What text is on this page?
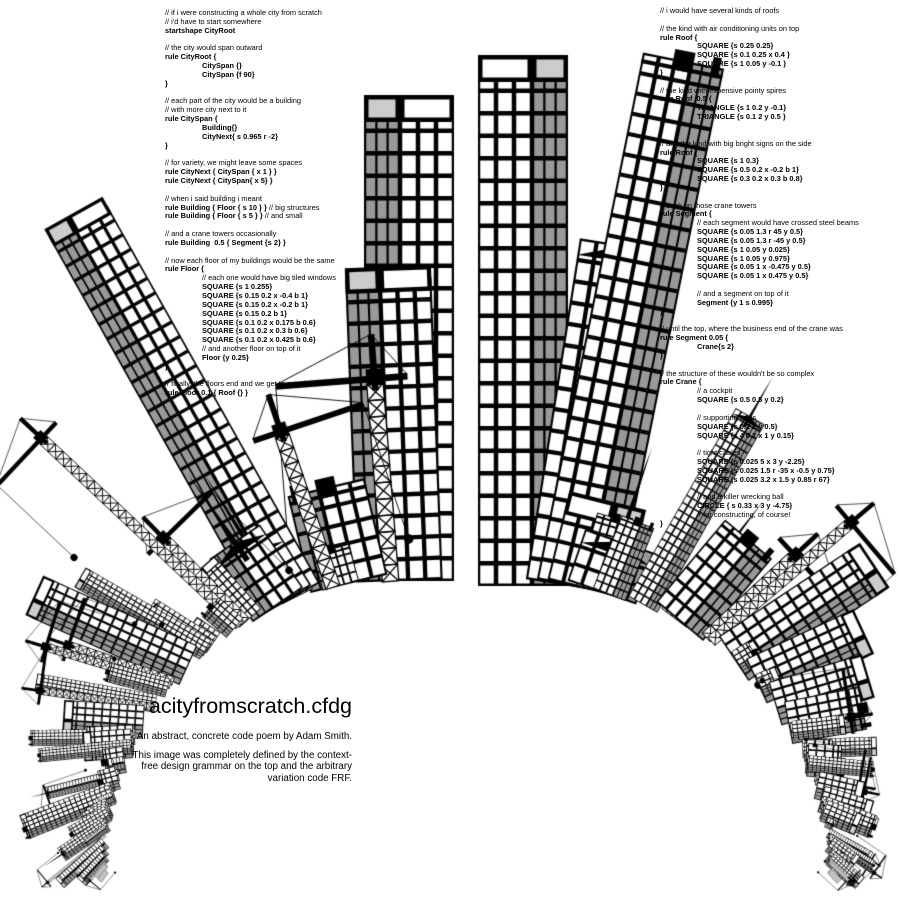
// if i were constructing a whole city from scratch
// i'd have to start somewhere
startshape CityRoot

// the city would span outward
rule CityRoot {
CitySpan {}
CitySpan {f 90}
}

// each part of the city would be a building
// with more city next to it
rule CitySpan {
Building{}
CityNext{ s 0.965 r -2}
}

// for variety, we might leave some spaces
rule CityNext { CitySpan { x 1 } }
rule CityNext { CitySpan{ x 5} }

// when i said building i meant
rule Building { Floor { s 10 } } // big structures
rule Building { Floor { s 5 } } // and small

// and a crane towers occasionally
rule Building  0.5 { Segment {s 2} }

// now each floor of my buildings would be the same
rule Floor {
// each one would have big tiled windows
SQUARE {s 1 0.255}
SQUARE {s 0.15 0.2 x -0.4 b 1}
SQUARE {s 0.15 0.2 x -0.2 b 1}
SQUARE {s 0.15 0.2 b 1}
SQUARE {s 0.1 0.2 x 0.175 b 0.6}
SQUARE {s 0.1 0.2 x 0.3 b 0.6}
SQUARE {s 0.1 0.2 x 0.425 b 0.6}
// and another floor on top of it
Floor {y 0.25}
}

// finally, the floors end and we get to a roof
rule Floor 0.1 { Roof {} }
// i would have several kinds of roofs

// the kind with air conditioning units on top
rule Roof {
SQUARE {s 0.25 0.25}
SQUARE {s 0.1 0.25 x 0.4 }
SQUARE {s 1 0.05 y -0.1 }
}

// the kind with expensive pointy spires
rule Roof  0.5 {
TRIANGLE {s 1 0.2 y -0.1}
TRIANGLE {s 0.1 2 y 0.5 }
}

// and the kind with big bright signs on the side
rule Roof {
SQUARE {s 1 0.3}
SQUARE {s 0.5 0.2 x -0.2 b 1}
SQUARE {s 0.3 0.2 x 0.3 b 0.8}
}

// back on those crane towers
rule Segment {
// each segment would have crossed steel beams
SQUARE {s 0.05 1.3 r 45 y 0.5}
SQUARE {s 0.05 1.3 r -45 y 0.5}
SQUARE {s 1 0.05 y 0.025}
SQUARE {s 1 0.05 y 0.975}
SQUARE {s 0.05 1 x -0.475 y 0.5}
SQUARE {s 0.05 1 x 0.475 y 0.5}

// and a segment on top of it
Segment {y 1 s 0.995}
}

// until the top, where the business end of the crane was
rule Segment 0.05 {
Crane{s 2}
}

// the structure of these wouldn't be so complex
rule Crane {
// a cockpit
SQUARE {s 0.5 0.5 y 0.2}

// supporting arms
SQUARE {s 0.2 2 y 0.5}
SQUARE {s 4 0.2 x 1 y 0.15}

// tight cables
SQUARE {s 0.025 5 x 3 y -2.25}
SQUARE {s 0.025 1.5 r -35 x -0.5 y 0.75}
SQUARE {s 0.025 3.2 x 1.5 y 0.85 r 67}

// and a killer wrecking ball
CIRCLE { s 0.33 x 3 y -4.75}
// for constructing, of course!
}
acityfromscratch.cfdg
An abstract, concrete code poem by Adam Smith.
This image was completely defined by the context-
free design grammar on the top and the arbitrary
variation code FRF.
